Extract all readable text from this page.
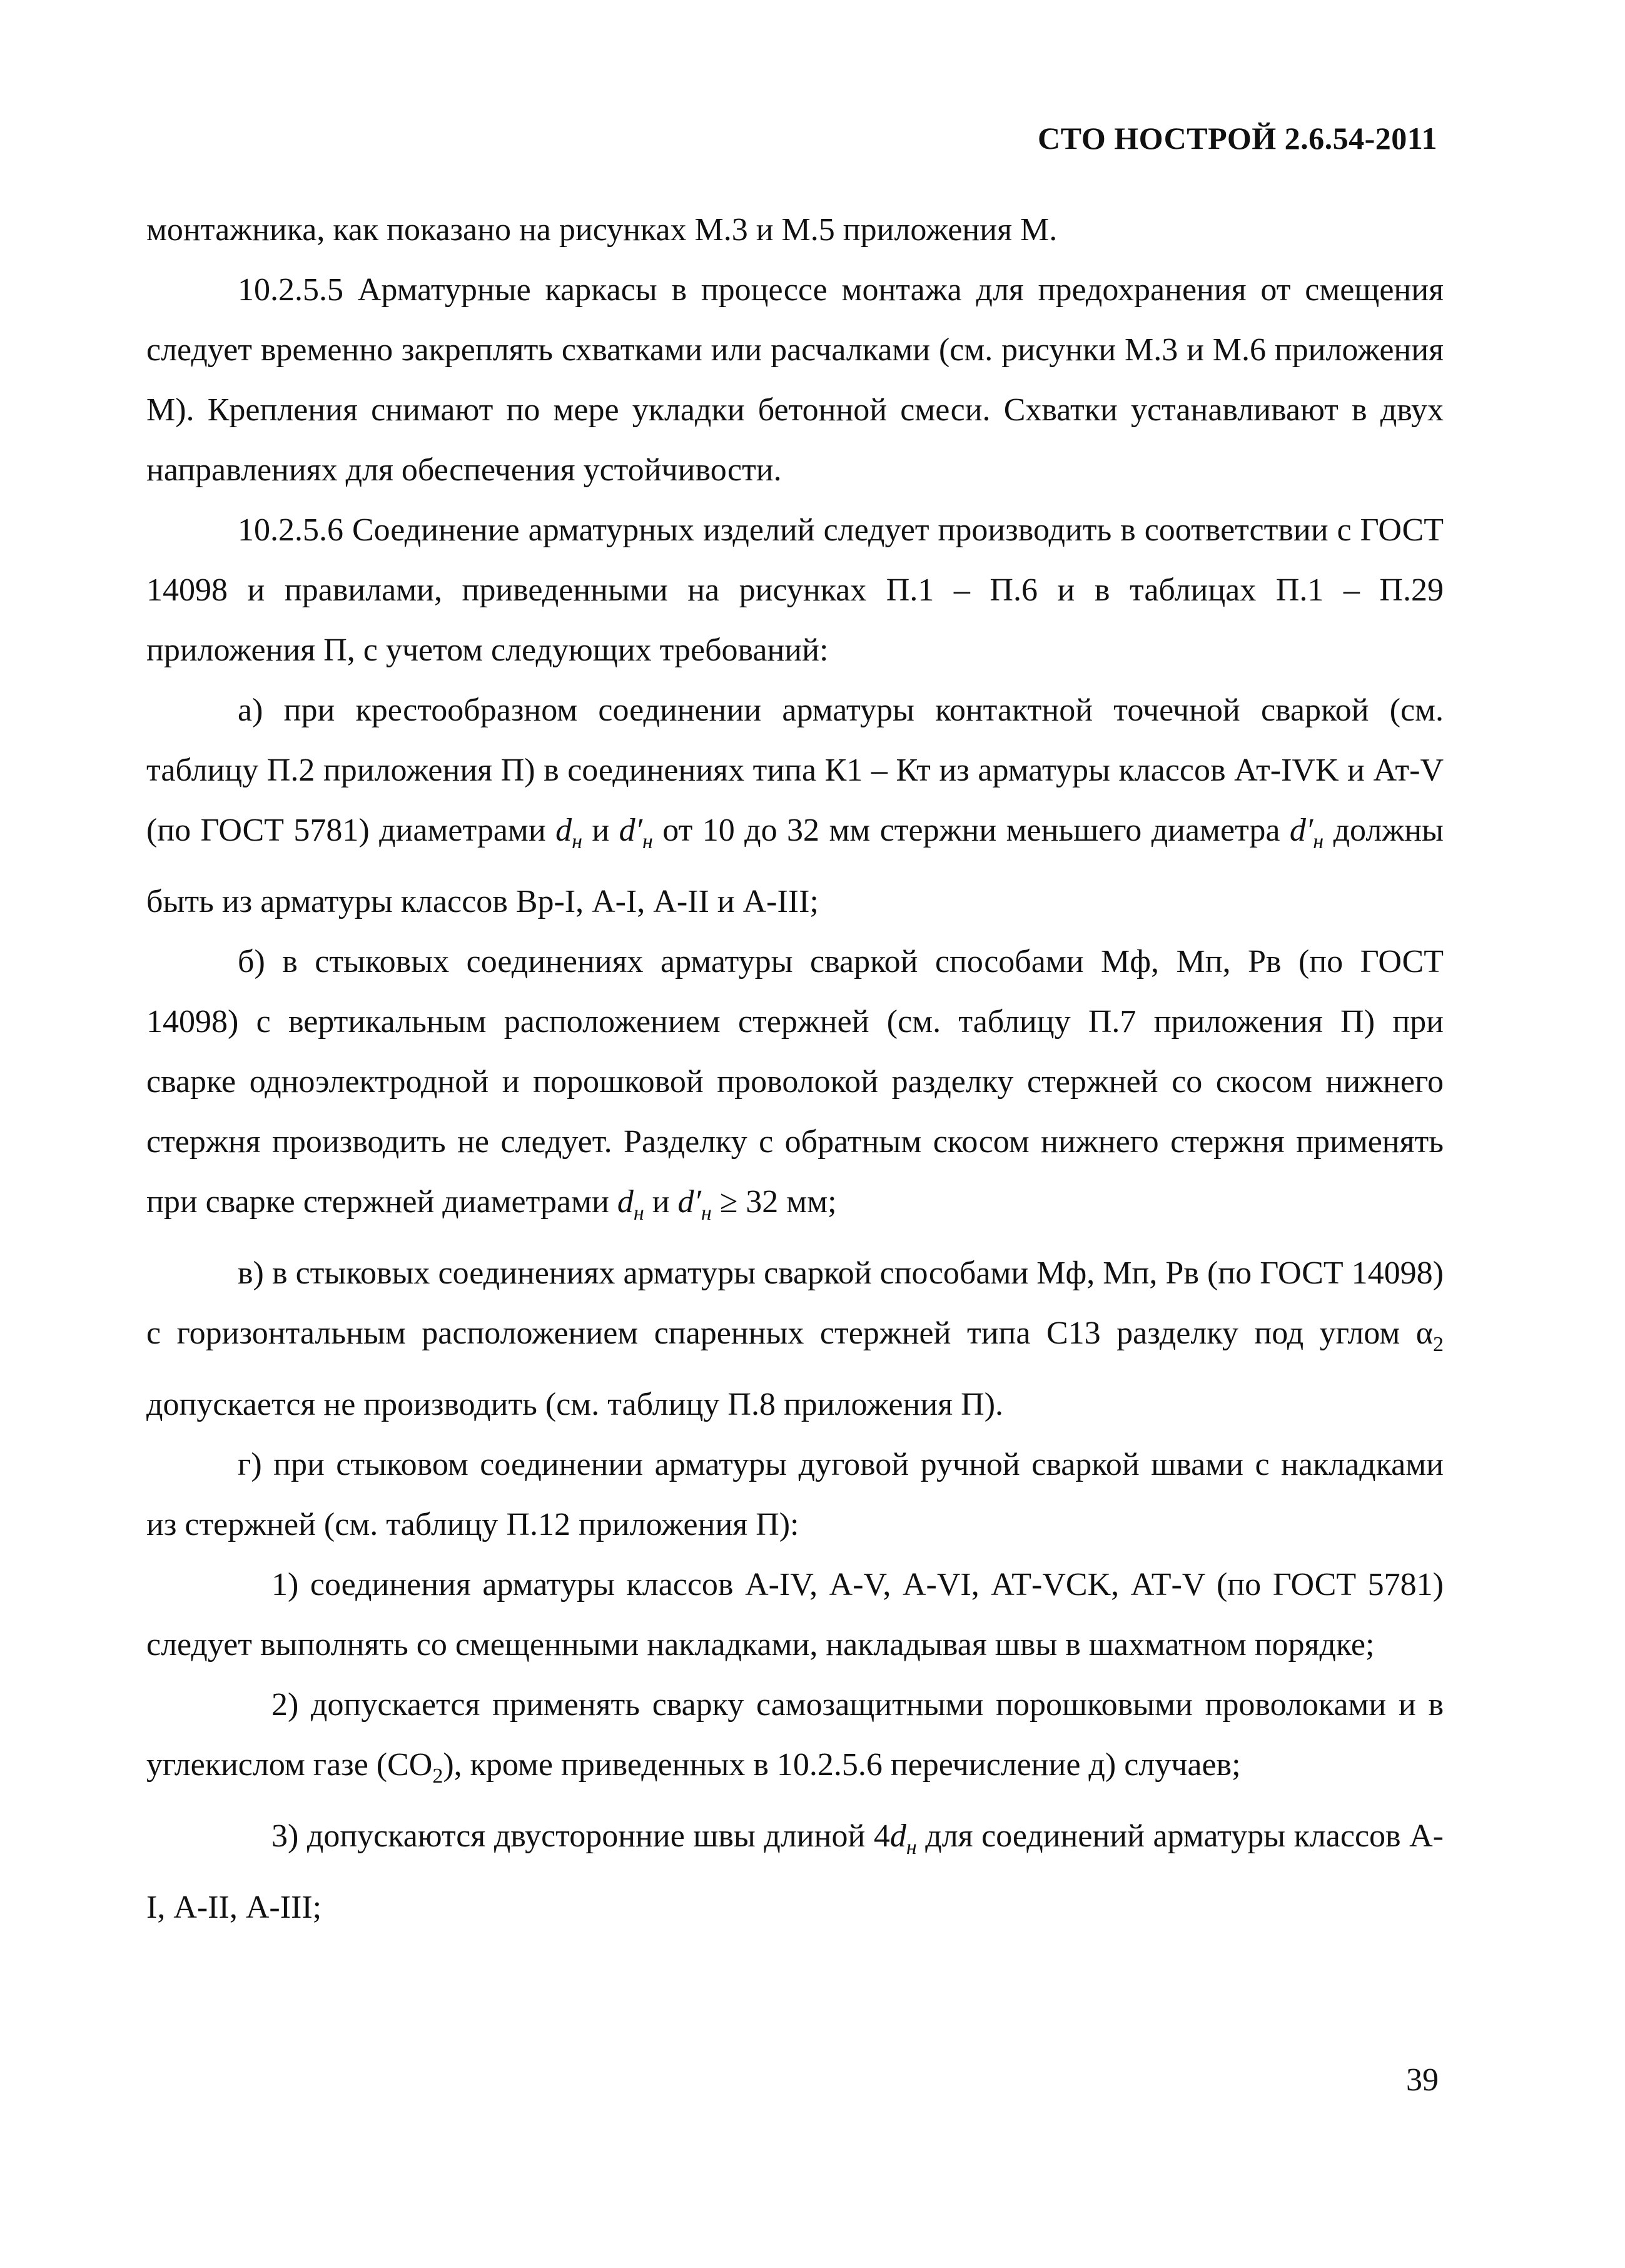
СТО НОСТРОЙ 2.6.54-2011

монтажника, как показано на рисунках М.3 и М.5 приложения М.

10.2.5.5 Арматурные каркасы в процессе монтажа для предохранения от смещения следует временно закреплять схватками или расчалками (см. рисунки М.3 и М.6 приложения М). Крепления снимают по мере укладки бетонной смеси. Схватки устанавливают в двух направлениях для обеспечения устойчивости.

10.2.5.6 Соединение арматурных изделий следует производить в соответствии с ГОСТ 14098 и правилами, приведенными на рисунках П.1 – П.6 и в таблицах П.1 – П.29 приложения П, с учетом следующих требований:

а) при крестообразном соединении арматуры контактной точечной сваркой (см. таблицу П.2 приложения П) в соединениях типа К1 – Кт из арматуры классов Ат-IVK и Ат-V (по ГОСТ 5781) диаметрами $d_н$ и $d'_н$ от 10 до 32 мм стержни меньшего диаметра $d'_н$ должны быть из арматуры классов Вр-I, А-I, А-II и А-III;

б) в стыковых соединениях арматуры сваркой способами Мф, Мп, Рв (по ГОСТ 14098) с вертикальным расположением стержней (см. таблицу П.7 приложения П) при сварке одноэлектродной и порошковой проволокой разделку стержней со скосом нижнего стержня производить не следует. Разделку с обратным скосом нижнего стержня применять при сварке стержней диаметрами $d_н$ и $d'_н \ge 32$ мм;

в) в стыковых соединениях арматуры сваркой способами Мф, Мп, Рв (по ГОСТ 14098) с горизонтальным расположением спаренных стержней типа С13 разделку под углом $\alpha_2$ допускается не производить (см. таблицу П.8 приложения П).

г) при стыковом соединении арматуры дуговой ручной сваркой швами с накладками из стержней (см. таблицу П.12 приложения П):

1) соединения арматуры классов А-IV, А-V, А-VI, АТ-VCK, АТ-V (по ГОСТ 5781) следует выполнять со смещенными накладками, накладывая швы в шахматном порядке;

2) допускается применять сварку самозащитными порошковыми проволоками и в углекислом газе $(CO_2)$, кроме приведенных в 10.2.5.6 перечисление д) случаев;

3) допускаются двусторонние швы длиной $4d_н$ для соединений арматуры классов А-I, А-II, А-III;

39
